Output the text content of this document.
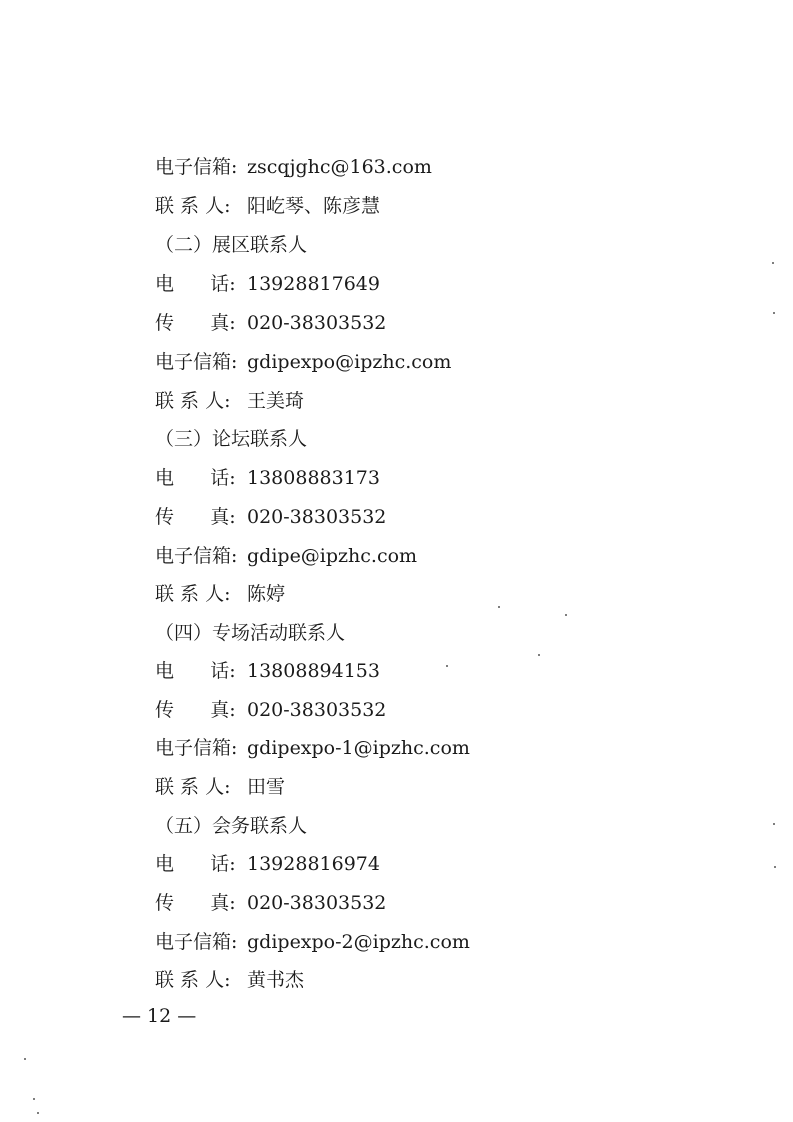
电子信箱: zscqjghc@163.com
联 系 人: 阳屹琴、陈彦慧
（二）展区联系人
电      话: 13928817649
传      真: 020-38303532
电子信箱: gdipexpo@ipzhc.com
联 系 人: 王美琦
（三）论坛联系人
电      话: 13808883173
传      真: 020-38303532
电子信箱: gdipe@ipzhc.com
联 系 人: 陈婷
（四）专场活动联系人
电      话: 13808894153
传      真: 020-38303532
电子信箱: gdipexpo-1@ipzhc.com
联 系 人: 田雪
（五）会务联系人
电      话: 13928816974
传      真: 020-38303532
电子信箱: gdipexpo-2@ipzhc.com
联 系 人: 黄书杰
— 12 —
